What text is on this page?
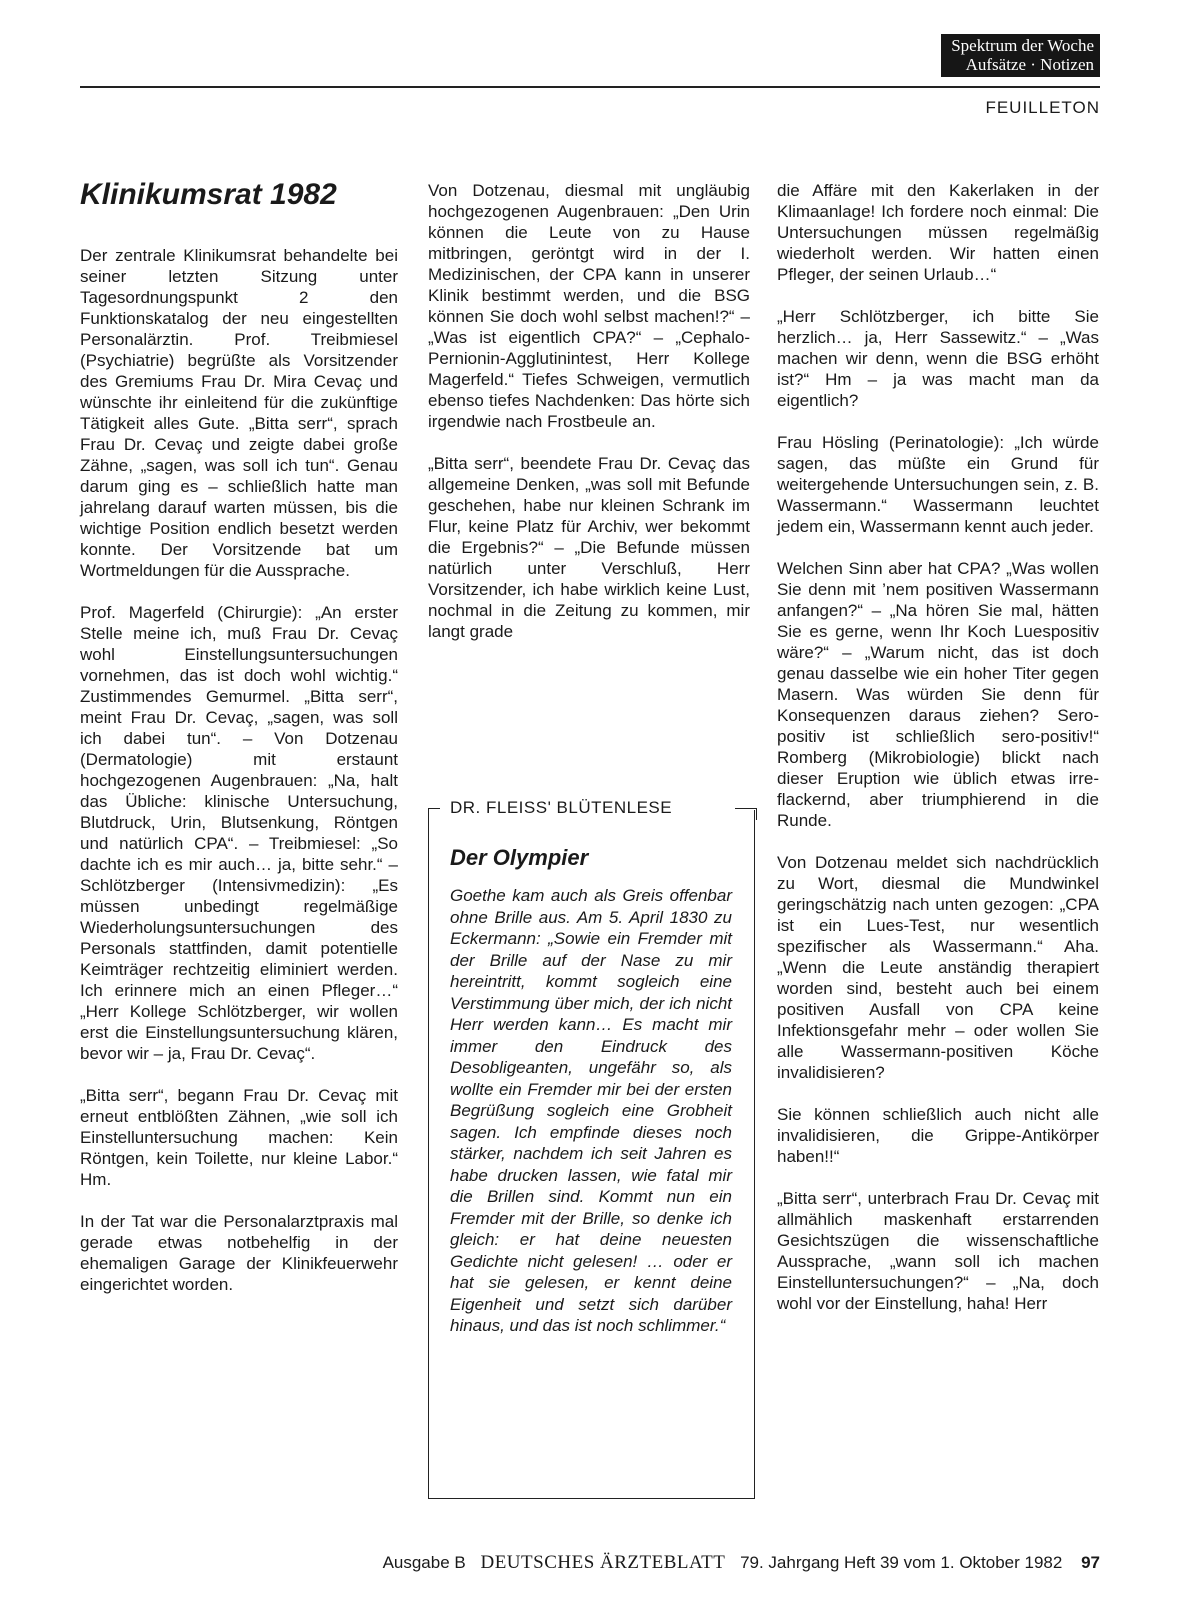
Spektrum der Woche
Aufsätze · Notizen
FEUILLETON
Klinikumsrat 1982

Der zentrale Klinikumsrat behandelte bei seiner letzten Sitzung unter Tagesordnungspunkt 2 den Funktionskatalog der neu eingestellten Personalärztin. Prof. Treibmiesel (Psychiatrie) begrüßte als Vorsitzender des Gremiums Frau Dr. Mira Cevaç und wünschte ihr einleitend für die zukünftige Tätigkeit alles Gute. „Bitta serr“, sprach Frau Dr. Cevaç und zeigte dabei große Zähne, „sagen, was soll ich tun“. Genau darum ging es – schließlich hatte man jahrelang darauf warten müssen, bis die wichtige Position endlich besetzt werden konnte. Der Vorsitzende bat um Wortmeldungen für die Aussprache.

Prof. Magerfeld (Chirurgie): „An erster Stelle meine ich, muß Frau Dr. Cevaç wohl Einstellungsuntersuchungen vornehmen, das ist doch wohl wichtig.“ Zustimmendes Gemurmel. „Bitta serr“, meint Frau Dr. Cevaç, „sagen, was soll ich dabei tun“. – Von Dotzenau (Dermatologie) mit erstaunt hochgezogenen Augenbrauen: „Na, halt das Übliche: klinische Untersuchung, Blutdruck, Urin, Blutsenkung, Röntgen und natürlich CPA“. – Treibmiesel: „So dachte ich es mir auch… ja, bitte sehr.“ – Schlötzberger (Intensivmedizin): „Es müssen unbedingt regelmäßige Wiederholungsuntersuchungen des Personals stattfinden, damit potentielle Keimträger rechtzeitig eliminiert werden. Ich erinnere mich an einen Pfleger…“ „Herr Kollege Schlötzberger, wir wollen erst die Einstellungsuntersuchung klären, bevor wir – ja, Frau Dr. Cevaç“.

„Bitta serr“, begann Frau Dr. Cevaç mit erneut entblößten Zähnen, „wie soll ich Einstelluntersuchung machen: Kein Röntgen, kein Toilette, nur kleine Labor.“ Hm.

In der Tat war die Personalarztpraxis mal gerade etwas notbehelfig in der ehemaligen Garage der Klinikfeuerwehr eingerichtet worden.

Von Dotzenau, diesmal mit ungläubig hochgezogenen Augenbrauen: „Den Urin können die Leute von zu Hause mitbringen, geröntgt wird in der I. Medizinischen, der CPA kann in unserer Klinik bestimmt werden, und die BSG können Sie doch wohl selbst machen!?“ – „Was ist eigentlich CPA?“ – „Cephalo-Pernionin-Agglutinintest, Herr Kollege Magerfeld.“ Tiefes Schweigen, vermutlich ebenso tiefes Nachdenken: Das hörte sich irgendwie nach Frostbeule an.

„Bitta serr“, beendete Frau Dr. Cevaç das allgemeine Denken, „was soll mit Befunde geschehen, habe nur kleinen Schrank im Flur, keine Platz für Archiv, wer bekommt die Ergebnis?“ – „Die Befunde müssen natürlich unter Verschluß, Herr Vorsitzender, ich habe wirklich keine Lust, nochmal in die Zeitung zu kommen, mir langt grade

DR. FLEISS' BLÜTENLESE
Der Olympier
Goethe kam auch als Greis offenbar ohne Brille aus. Am 5. April 1830 zu Eckermann: „Sowie ein Fremder mit der Brille auf der Nase zu mir hereintritt, kommt sogleich eine Verstimmung über mich, der ich nicht Herr werden kann… Es macht mir immer den Eindruck des Desobligeanten, ungefähr so, als wollte ein Fremder mir bei der ersten Begrüßung sogleich eine Grobheit sagen. Ich empfinde dieses noch stärker, nachdem ich seit Jahren es habe drucken lassen, wie fatal mir die Brillen sind. Kommt nun ein Fremder mit der Brille, so denke ich gleich: er hat deine neuesten Gedichte nicht gelesen! … oder er hat sie gelesen, er kennt deine Eigenheit und setzt sich darüber hinaus, und das ist noch schlimmer.“

die Affäre mit den Kakerlaken in der Klimaanlage! Ich fordere noch einmal: Die Untersuchungen müssen regelmäßig wiederholt werden. Wir hatten einen Pfleger, der seinen Urlaub…“

„Herr Schlötzberger, ich bitte Sie herzlich… ja, Herr Sassewitz.“ – „Was machen wir denn, wenn die BSG erhöht ist?“ Hm – ja was macht man da eigentlich?

Frau Hösling (Perinatologie): „Ich würde sagen, das müßte ein Grund für weitergehende Untersuchungen sein, z. B. Wassermann.“ Wassermann leuchtet jedem ein, Wassermann kennt auch jeder.

Welchen Sinn aber hat CPA? „Was wollen Sie denn mit ’nem positiven Wassermann anfangen?“ – „Na hören Sie mal, hätten Sie es gerne, wenn Ihr Koch Luespositiv wäre?“ – „Warum nicht, das ist doch genau dasselbe wie ein hoher Titer gegen Masern. Was würden Sie denn für Konsequenzen daraus ziehen? Sero-positiv ist schließlich sero-positiv!“ Romberg (Mikrobiologie) blickt nach dieser Eruption wie üblich etwas irre-flackernd, aber triumphierend in die Runde.

Von Dotzenau meldet sich nachdrücklich zu Wort, diesmal die Mundwinkel geringschätzig nach unten gezogen: „CPA ist ein Lues-Test, nur wesentlich spezifischer als Wassermann.“ Aha. „Wenn die Leute anständig therapiert worden sind, besteht auch bei einem positiven Ausfall von CPA keine Infektionsgefahr mehr – oder wollen Sie alle Wassermann-positiven Köche invalidisieren?

Sie können schließlich auch nicht alle invalidisieren, die Grippe-Antikörper haben!!“

„Bitta serr“, unterbrach Frau Dr. Cevaç mit allmählich maskenhaft erstarrenden Gesichtszügen die wissenschaftliche Aussprache, „wann soll ich machen Einstelluntersuchungen?“ – „Na, doch wohl vor der Einstellung, haha! Herr

Ausgabe B DEUTSCHES ÄRZTEBLATT 79. Jahrgang Heft 39 vom 1. Oktober 1982 97
